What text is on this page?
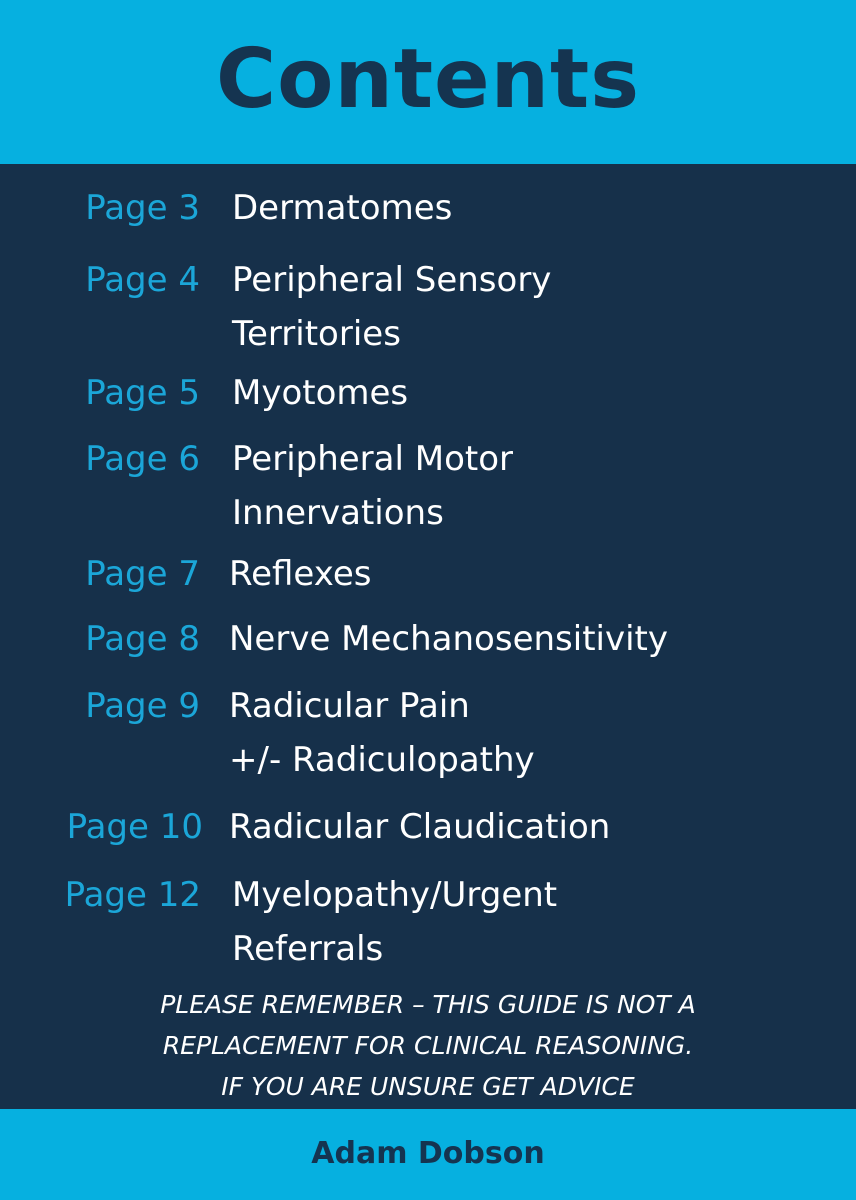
Contents
Page 3 Dermatomes
Page 4 Peripheral Sensory
Territories
Page 5 Myotomes
Page 6 Peripheral Motor
Innervations
Page 7 Reflexes
Page 8 Nerve Mechanosensitivity
Page 9 Radicular Pain
+/- Radiculopathy
Page 10 Radicular Claudication
Page 12 Myelopathy/Urgent
Referrals
PLEASE REMEMBER – THIS GUIDE IS NOT A
REPLACEMENT FOR CLINICAL REASONING.
IF YOU ARE UNSURE GET ADVICE
Adam Dobson
